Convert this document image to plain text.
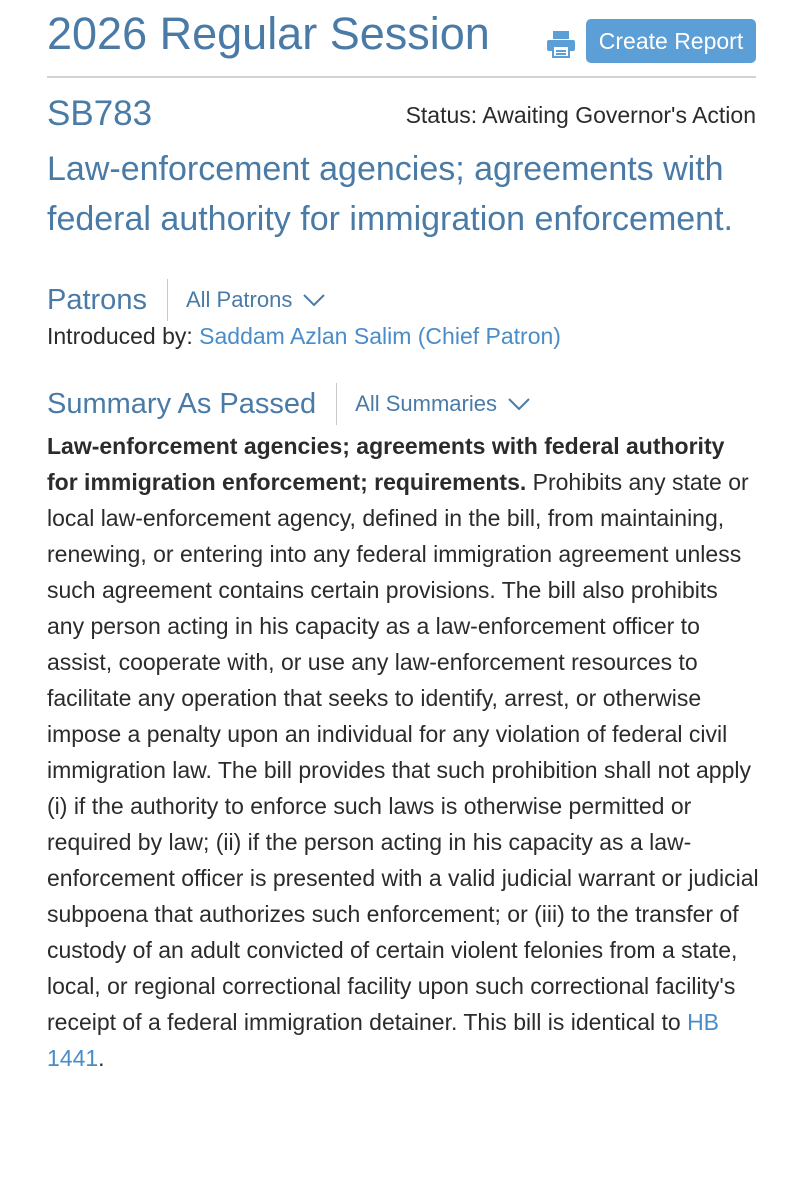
2026 Regular Session	Create Report
SB783	Status: Awaiting Governor's Action
Law-enforcement agencies; agreements with federal authority for immigration enforcement.
Patrons All Patrons
Introduced by: Saddam Azlan Salim (Chief Patron)
Summary As Passed All Summaries
Law-enforcement agencies; agreements with federal authority for immigration enforcement; requirements. Prohibits any state or local law-enforcement agency, defined in the bill, from maintaining, renewing, or entering into any federal immigration agreement unless such agreement contains certain provisions. The bill also prohibits any person acting in his capacity as a law-enforcement officer to assist, cooperate with, or use any law-enforcement resources to facilitate any operation that seeks to identify, arrest, or otherwise impose a penalty upon an individual for any violation of federal civil immigration law. The bill provides that such prohibition shall not apply (i) if the authority to enforce such laws is otherwise permitted or required by law; (ii) if the person acting in his capacity as a law-enforcement officer is presented with a valid judicial warrant or judicial subpoena that authorizes such enforcement; or (iii) to the transfer of custody of an adult convicted of certain violent felonies from a state, local, or regional correctional facility upon such correctional facility's receipt of a federal immigration detainer. This bill is identical to HB 1441.
